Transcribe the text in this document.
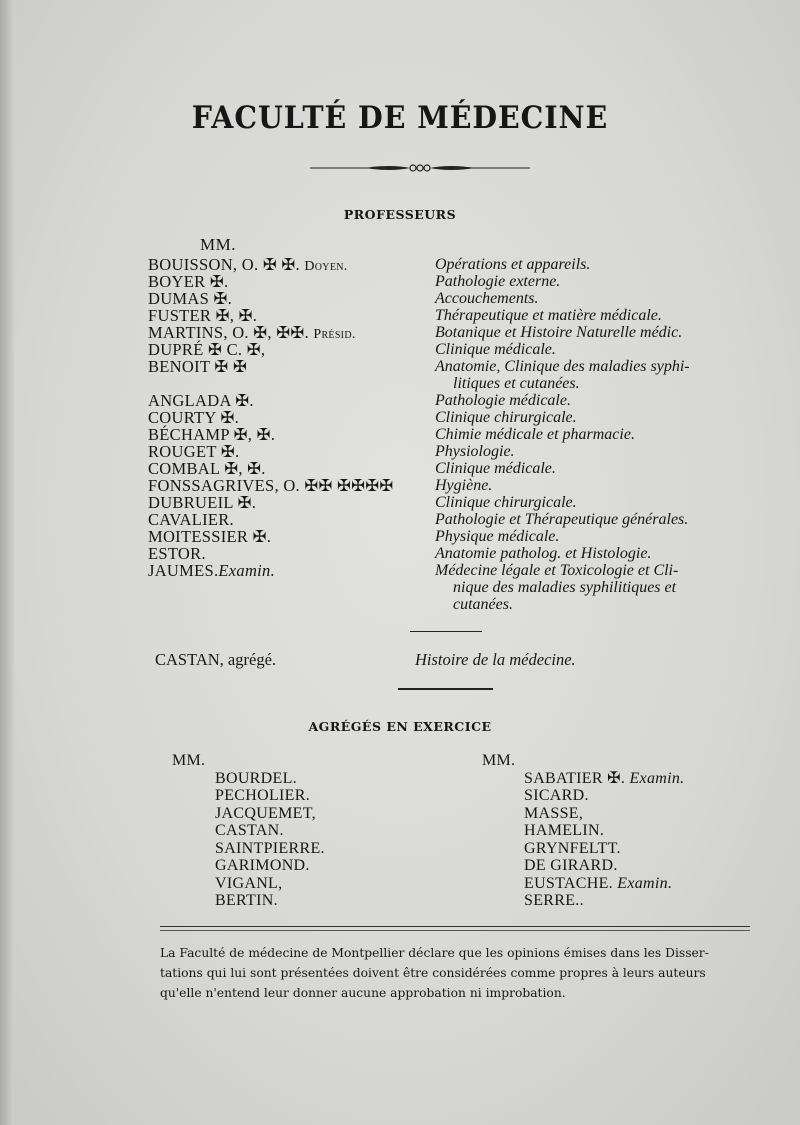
FACULTÉ DE MÉDECINE
PROFESSEURS
MM.
BOUISSON, O. ✠ ✠. Doyen.	Opérations et appareils.
BOYER ✠.	Pathologie externe.
DUMAS ✠.	Accouchements.
FUSTER ✠, ✠.	Thérapeutique et matière médicale.
MARTINS, O. ✠, ✠✠. Présid.	Botanique et Histoire Naturelle médic.
DUPRÉ ✠ C. ✠,	Clinique médicale.
BENOIT ✠ ✠	Anatomie, Clinique des maladies syphi-
litiques et cutanées.
ANGLADA ✠.	Pathologie médicale.
COURTY ✠.	Clinique chirurgicale.
BÉCHAMP ✠, ✠.	Chimie médicale et pharmacie.
ROUGET ✠.	Physiologie.
COMBAL ✠, ✠.	Clinique médicale.
FONSSAGRIVES, O. ✠✠ ✠✠✠✠	Hygiène.
DUBRUEIL ✠.	Clinique chirurgicale.
CAVALIER.	Pathologie et Thérapeutique générales.
MOITESSIER ✠.	Physique médicale.
ESTOR.	Anatomie patholog. et Histologie.
JAUMES.Examin.	Médecine légale et Toxicologie et Cli-
nique des maladies syphilitiques et
cutanées.
CASTAN, agrégé.	Histoire de la médecine.
AGRÉGÉS EN EXERCICE
MM.
BOURDEL.
PECHOLIER.
JACQUEMET,
CASTAN.
SAINTPIERRE.
GARIMOND.
VIGANL,
BERTIN.
MM.
SABATIER ✠. Examin.
SICARD.
MASSE,
HAMELIN.
GRYNFELTT.
DE GIRARD.
EUSTACHE. Examin.
SERRE..
La Faculté de médecine de Montpellier déclare que les opinions émises dans les Disser-
tations qui lui sont présentées doivent être considérées comme propres à leurs auteurs
qu'elle n'entend leur donner aucune approbation ni improbation.
